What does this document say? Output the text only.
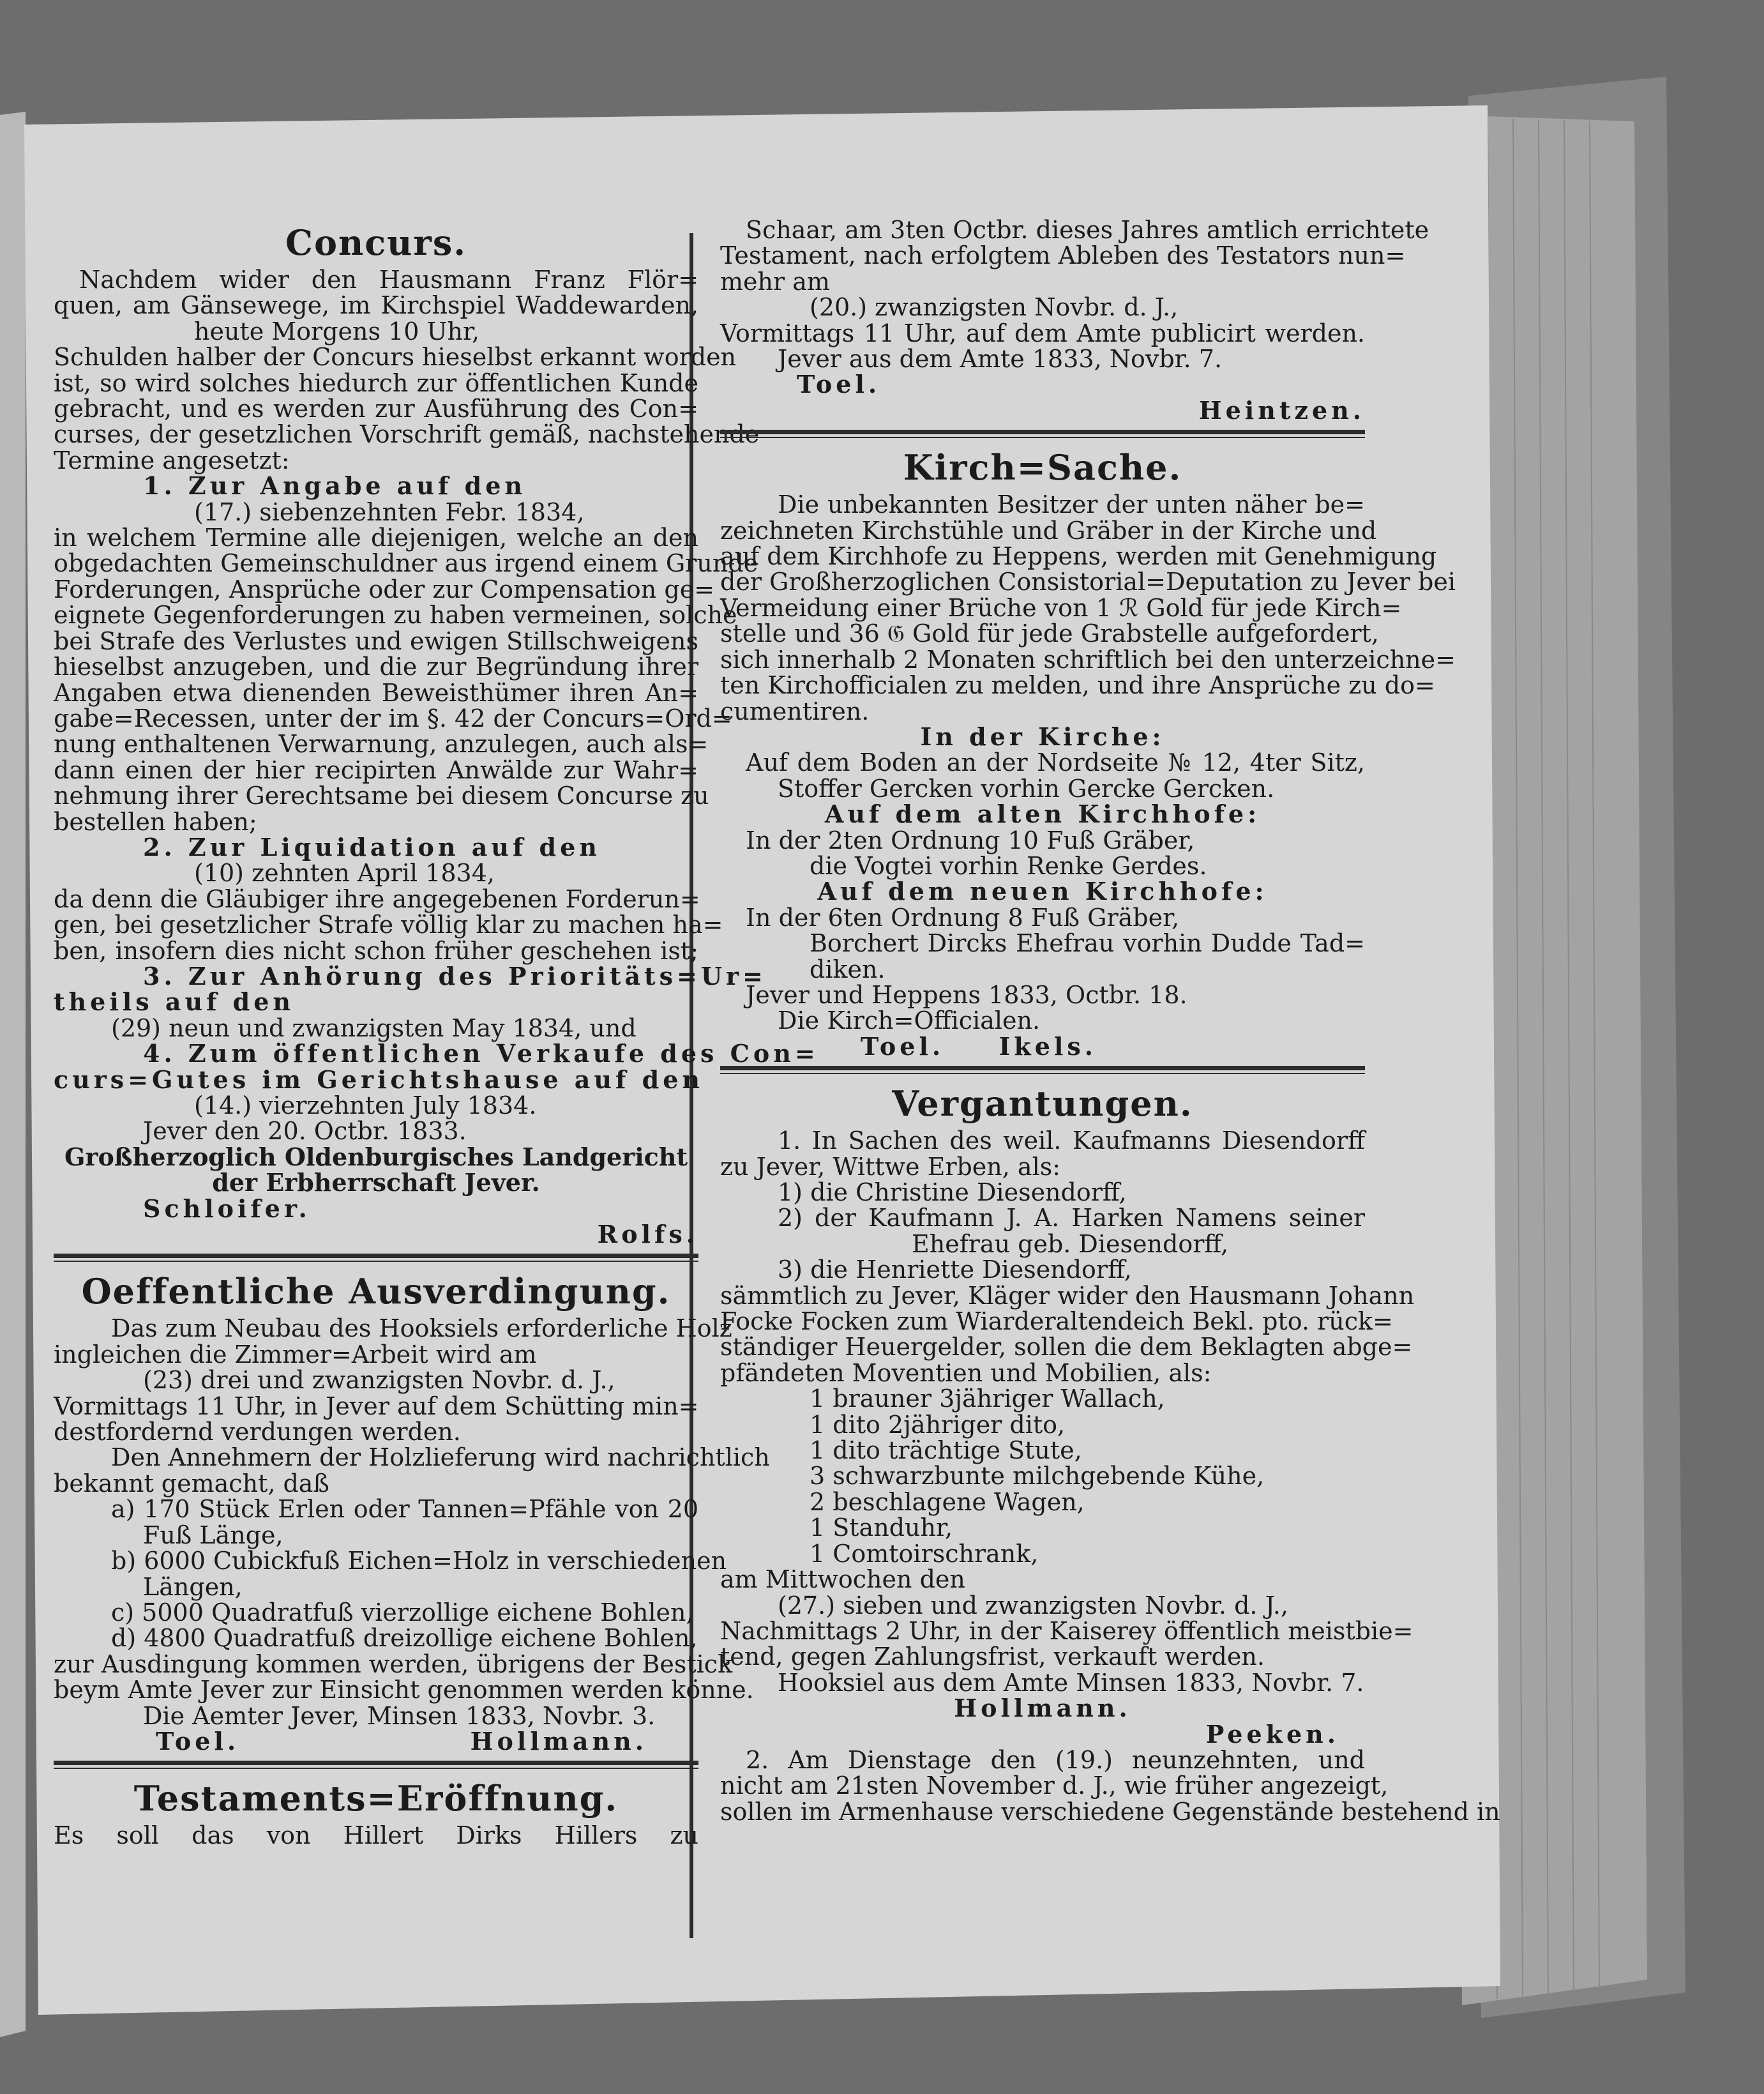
Concurs.
Nachdem wider den Hausmann Franz Flör=
quen, am Gänsewege, im Kirchspiel Waddewarden,
heute Morgens 10 Uhr,
Schulden halber der Concurs hieselbst erkannt worden
ist, so wird solches hiedurch zur öffentlichen Kunde
gebracht, und es werden zur Ausführung des Con=
curses, der gesetzlichen Vorschrift gemäß, nachstehende
Termine angesetzt:
1. Zur Angabe auf den
(17.) siebenzehnten Febr. 1834,
in welchem Termine alle diejenigen, welche an den
obgedachten Gemeinschuldner aus irgend einem Grunde
Forderungen, Ansprüche oder zur Compensation ge=
eignete Gegenforderungen zu haben vermeinen, solche
bei Strafe des Verlustes und ewigen Stillschweigens
hieselbst anzugeben, und die zur Begründung ihrer
Angaben etwa dienenden Beweisthümer ihren An=
gabe=Recessen, unter der im §. 42 der Concurs=Ord=
nung enthaltenen Verwarnung, anzulegen, auch als=
dann einen der hier recipirten Anwälde zur Wahr=
nehmung ihrer Gerechtsame bei diesem Concurse zu
bestellen haben;
2. Zur Liquidation auf den
(10) zehnten April 1834,
da denn die Gläubiger ihre angegebenen Forderun=
gen, bei gesetzlicher Strafe völlig klar zu machen ha=
ben, insofern dies nicht schon früher geschehen ist;
3. Zur Anhörung des Prioritäts=Ur=
theils auf den
(29) neun und zwanzigsten May 1834, und
4. Zum öffentlichen Verkaufe des Con=
curs=Gutes im Gerichtshause auf den
(14.) vierzehnten July 1834.
Jever den 20. Octbr. 1833.
Großherzoglich Oldenburgisches Landgericht
der Erbherrschaft Jever.
Schloifer.
Rolfs.
Oeffentliche Ausverdingung.
Das zum Neubau des Hooksiels erforderliche Holz
ingleichen die Zimmer=Arbeit wird am
(23) drei und zwanzigsten Novbr. d. J.,
Vormittags 11 Uhr, in Jever auf dem Schütting min=
destfordernd verdungen werden.
Den Annehmern der Holzlieferung wird nachrichtlich
bekannt gemacht, daß
a) 170 Stück Erlen oder Tannen=Pfähle von 20
Fuß Länge,
b) 6000 Cubickfuß Eichen=Holz in verschiedenen
Längen,
c) 5000 Quadratfuß vierzollige eichene Bohlen,
d) 4800 Quadratfuß dreizollige eichene Bohlen,
zur Ausdingung kommen werden, übrigens der Bestick
beym Amte Jever zur Einsicht genommen werden könne.
Die Aemter Jever, Minsen 1833, Novbr. 3.
Toel.	Hollmann.
Testaments=Eröffnung.
Es soll das von Hillert Dirks Hillers zu
Schaar, am 3ten Octbr. dieses Jahres amtlich errichtete
Testament, nach erfolgtem Ableben des Testators nun=
mehr am
(20.) zwanzigsten Novbr. d. J.,
Vormittags 11 Uhr, auf dem Amte publicirt werden.
Jever aus dem Amte 1833, Novbr. 7.
Toel.
Heintzen.
Kirch=Sache.
Die unbekannten Besitzer der unten näher be=
zeichneten Kirchstühle und Gräber in der Kirche und
auf dem Kirchhofe zu Heppens, werden mit Genehmigung
der Großherzoglichen Consistorial=Deputation zu Jever bei
Vermeidung einer Brüche von 1 ℛ Gold für jede Kirch=
stelle und 36 𝔊 Gold für jede Grabstelle aufgefordert,
sich innerhalb 2 Monaten schriftlich bei den unterzeichne=
ten Kirchofficialen zu melden, und ihre Ansprüche zu do=
cumentiren.
In der Kirche:
Auf dem Boden an der Nordseite № 12, 4ter Sitz,
Stoffer Gercken vorhin Gercke Gercken.
Auf dem alten Kirchhofe:
In der 2ten Ordnung 10 Fuß Gräber,
die Vogtei vorhin Renke Gerdes.
Auf dem neuen Kirchhofe:
In der 6ten Ordnung 8 Fuß Gräber,
Borchert Dircks Ehefrau vorhin Dudde Tad=
diken.
Jever und Heppens 1833, Octbr. 18.
Die Kirch=Officialen.
Toel. Ikels.
Vergantungen.
1. In Sachen des weil. Kaufmanns Diesendorff
zu Jever, Wittwe Erben, als:
1) die Christine Diesendorff,
2) der Kaufmann J. A. Harken Namens seiner
Ehefrau geb. Diesendorff,
3) die Henriette Diesendorff,
sämmtlich zu Jever, Kläger wider den Hausmann Johann
Focke Focken zum Wiarderaltendeich Bekl. pto. rück=
ständiger Heuergelder, sollen die dem Beklagten abge=
pfändeten Moventien und Mobilien, als:
1 brauner 3jähriger Wallach,
1 dito 2jähriger dito,
1 dito trächtige Stute,
3 schwarzbunte milchgebende Kühe,
2 beschlagene Wagen,
1 Standuhr,
1 Comtoirschrank,
am Mittwochen den
(27.) sieben und zwanzigsten Novbr. d. J.,
Nachmittags 2 Uhr, in der Kaiserey öffentlich meistbie=
tend, gegen Zahlungsfrist, verkauft werden.
Hooksiel aus dem Amte Minsen 1833, Novbr. 7.
Hollmann.
Peeken.
2. Am Dienstage den (19.) neunzehnten, und
nicht am 21sten November d. J., wie früher angezeigt,
sollen im Armenhause verschiedene Gegenstände bestehend in
